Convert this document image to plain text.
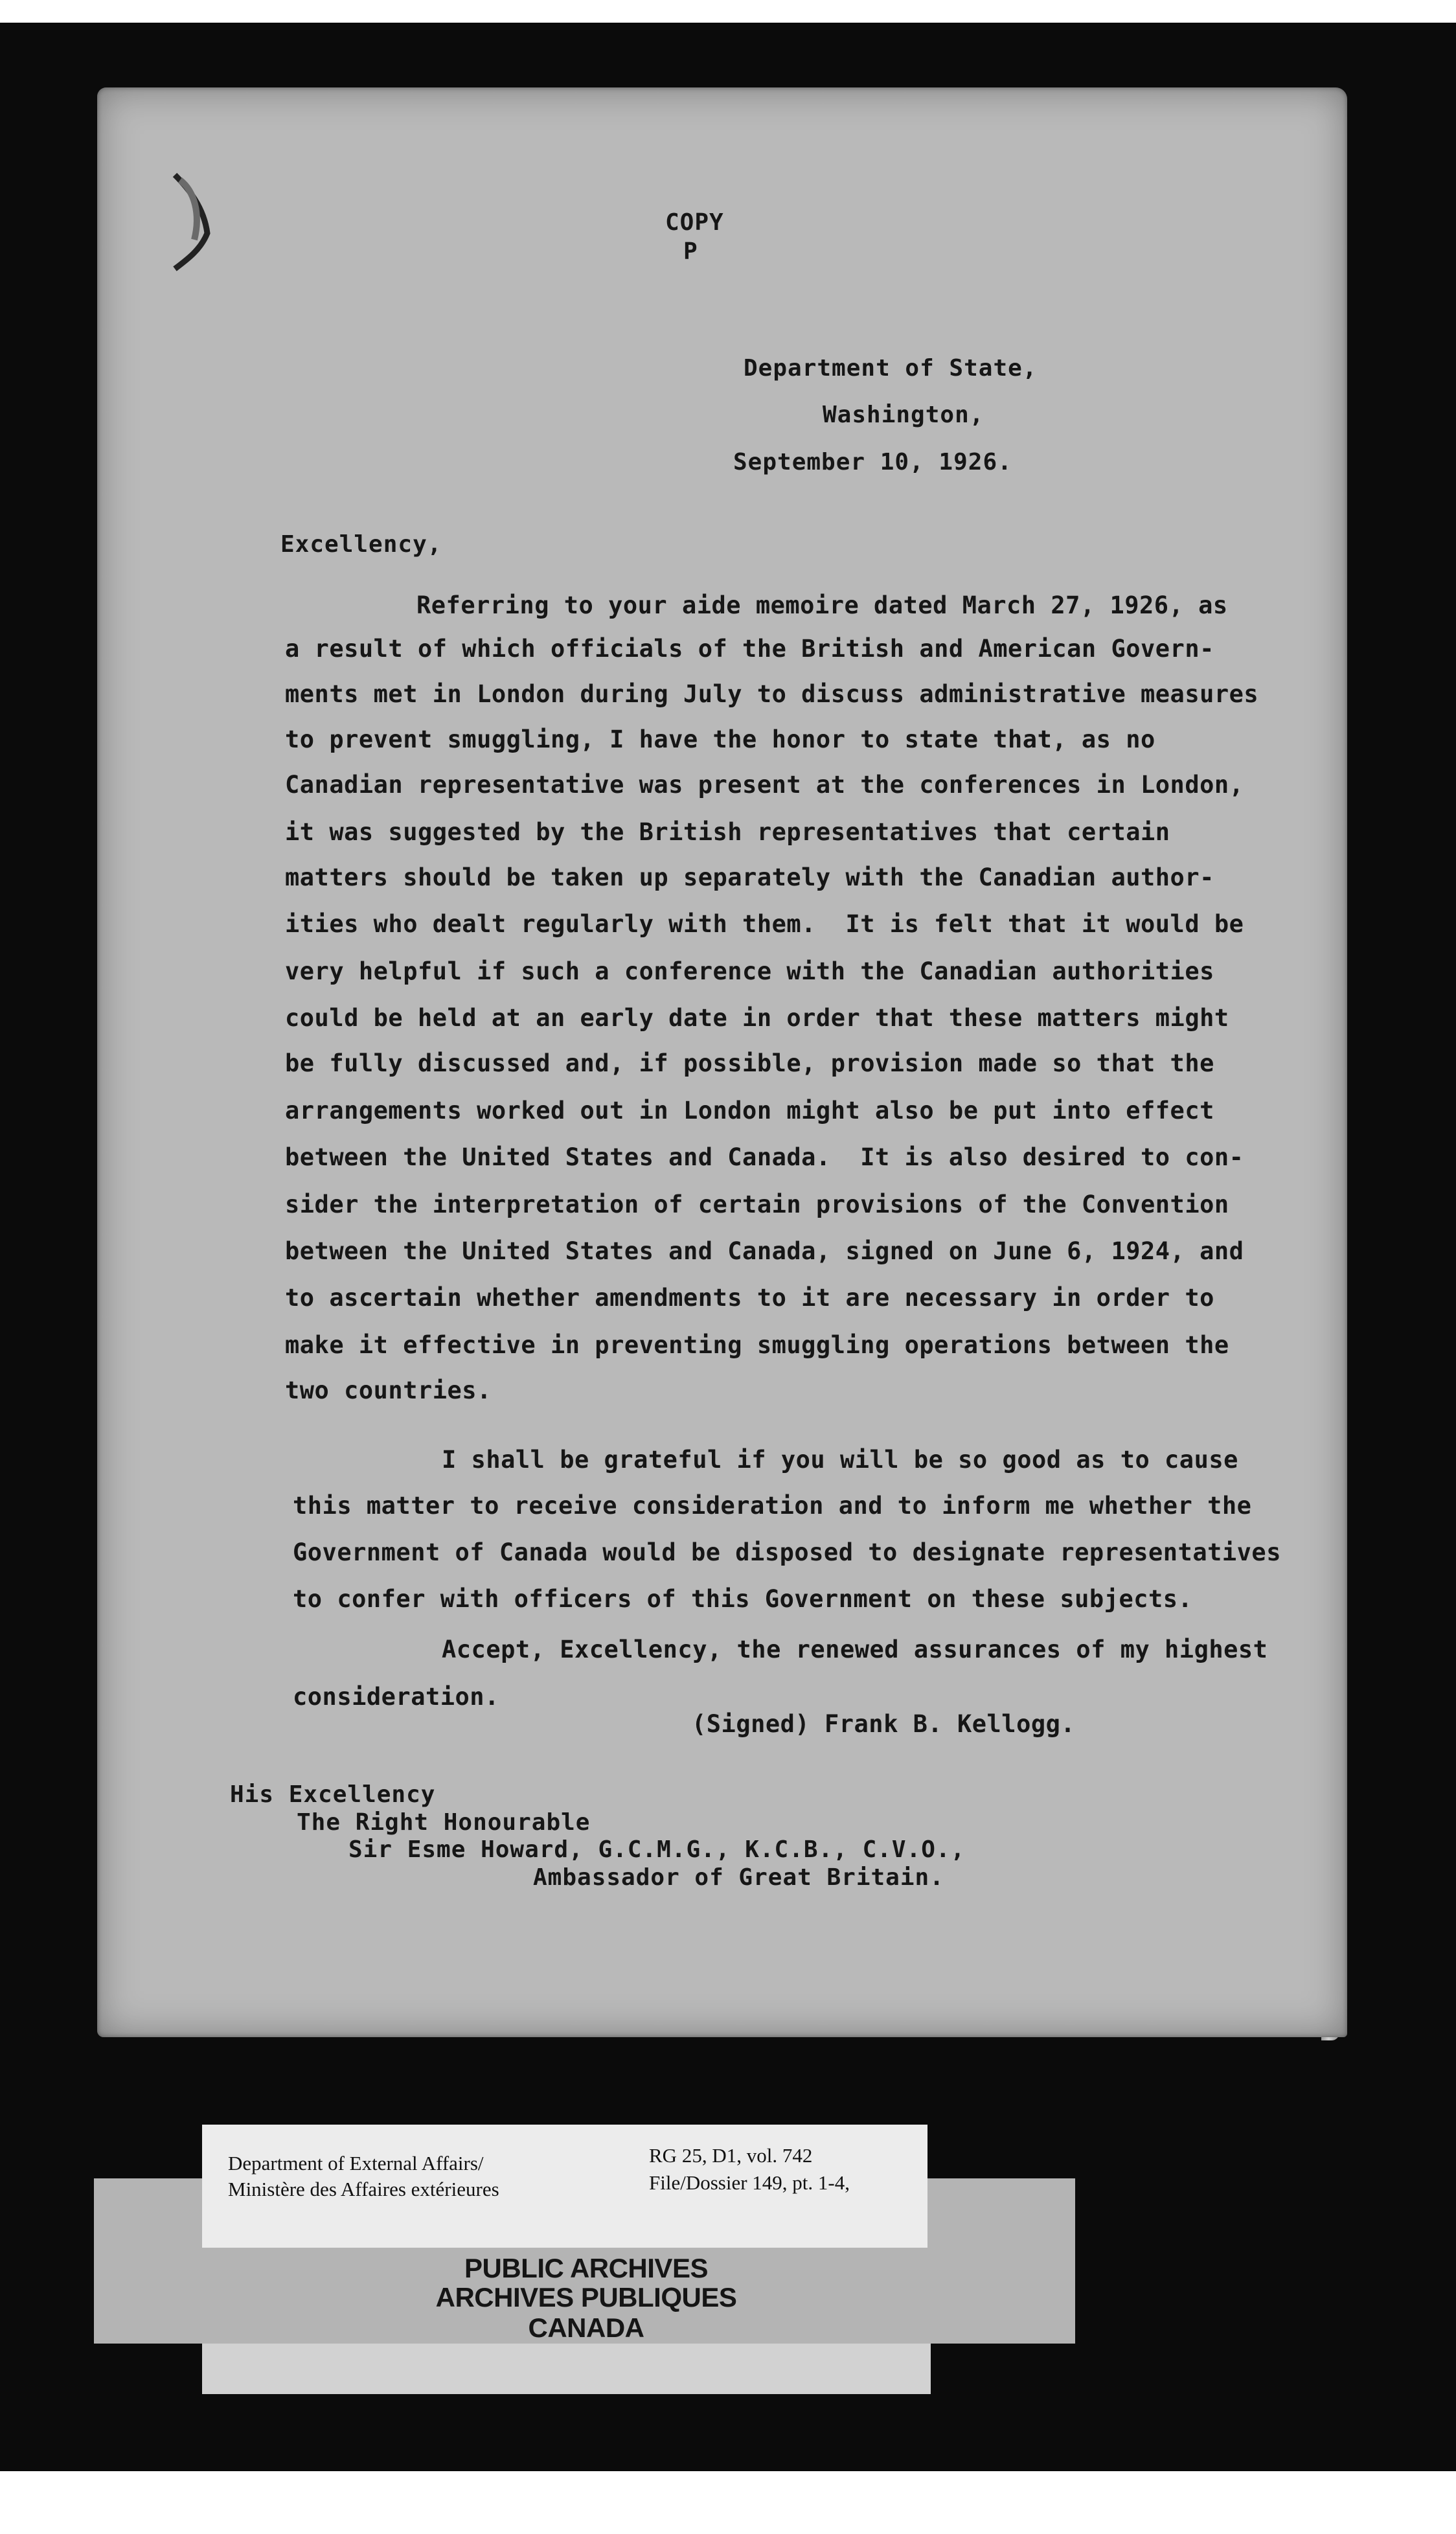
COPY
P
Department of State,
Washington,
September 10, 1926.
Excellency,
Referring to your aide memoire dated March 27, 1926, as
a result of which officials of the British and American Govern-
ments met in London during July to discuss administrative measures
to prevent smuggling, I have the honor to state that, as no
Canadian representative was present at the conferences in London,
it was suggested by the British representatives that certain
matters should be taken up separately with the Canadian author-
ities who dealt regularly with them.  It is felt that it would be
very helpful if such a conference with the Canadian authorities
could be held at an early date in order that these matters might
be fully discussed and, if possible, provision made so that the
arrangements worked out in London might also be put into effect
between the United States and Canada.  It is also desired to con-
sider the interpretation of certain provisions of the Convention
between the United States and Canada, signed on June 6, 1924, and
to ascertain whether amendments to it are necessary in order to
make it effective in preventing smuggling operations between the
two countries.
I shall be grateful if you will be so good as to cause
this matter to receive consideration and to inform me whether the
Government of Canada would be disposed to designate representatives
to confer with officers of this Government on these subjects.
Accept, Excellency, the renewed assurances of my highest
consideration.
(Signed) Frank B. Kellogg.
His Excellency
The Right Honourable
Sir Esme Howard, G.C.M.G., K.C.B., C.V.O.,
Ambassador of Great Britain.
Department of External Affairs/
Ministère des Affaires extérieures
RG 25, D1, vol. 742
File/Dossier 149, pt. 1-4,
PUBLIC ARCHIVES
ARCHIVES PUBLIQUES
CANADA
